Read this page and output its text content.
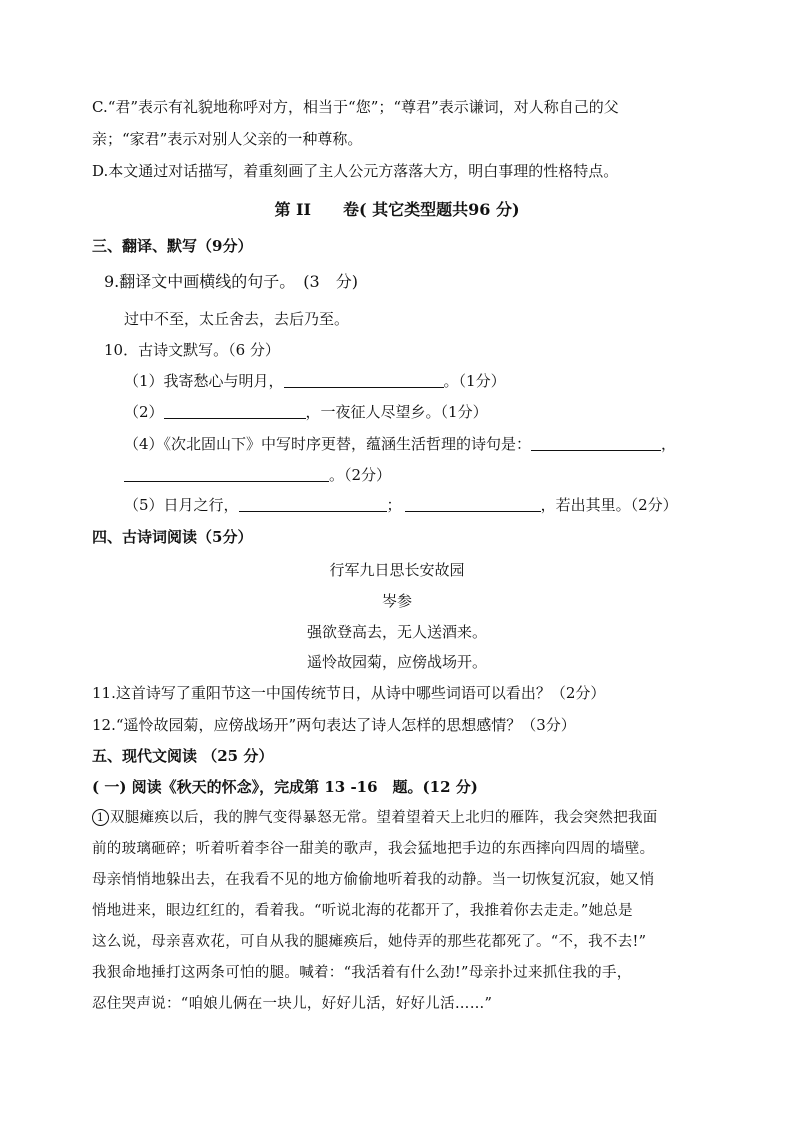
C.“君”表示有礼貌地称呼对方，相当于“您”；“尊君”表示谦词，对人称自己的父
亲；“家君”表示对别人父亲的一种尊称。
D.本文通过对话描写，着重刻画了主人公元方落落大方，明白事理的性格特点。
第 II　　卷( 其它类型题共96 分)
三、翻译、默写（9分）
9.翻译文中画横线的句子。　(3　分)
过中不至，太丘舍去，去后乃至。
10．古诗文默写。（6 分）
（1）我寄愁心与明月，	。（1分）
（2）	，一夜征人尽望乡。（1分）
（4）《次北固山下》中写时序更替，蕴涵生活哲理的诗句是：	，
。（2分）
（5）日月之行，	；	，若出其里。（2分）
四、古诗词阅读（5分）
行军九日思长安故园
岑参
强欲登高去，无人送酒来。
遥怜故园菊，应傍战场开。
11.这首诗写了重阳节这一中国传统节日，从诗中哪些词语可以看出？（2分）
12.“遥怜故园菊，应傍战场开”两句表达了诗人怎样的思想感情？（3分）
五、现代文阅读 （25 分）
( 一) 阅读《秋天的怀念》，完成第 13 -16　题。(12 分)
1 双腿瘫痪以后，我的脾气变得暴怒无常。望着望着天上北归的雁阵，我会突然把我面
前的玻璃砸碎；听着听着李谷一甜美的歌声，我会猛地把手边的东西摔向四周的墙壁。
母亲悄悄地躲出去，在我看不见的地方偷偷地听着我的动静。当一切恢复沉寂，她又悄
悄地进来，眼边红红的，看着我。“听说北海的花都开了，我推着你去走走。”她总是
这么说，母亲喜欢花，可自从我的腿瘫痪后，她侍弄的那些花都死了。“不，我不去!”
我狠命地捶打这两条可怕的腿。喊着：“我活着有什么劲!”母亲扑过来抓住我的手，
忍住哭声说：“咱娘儿俩在一块儿，好好儿活，好好儿活……”
